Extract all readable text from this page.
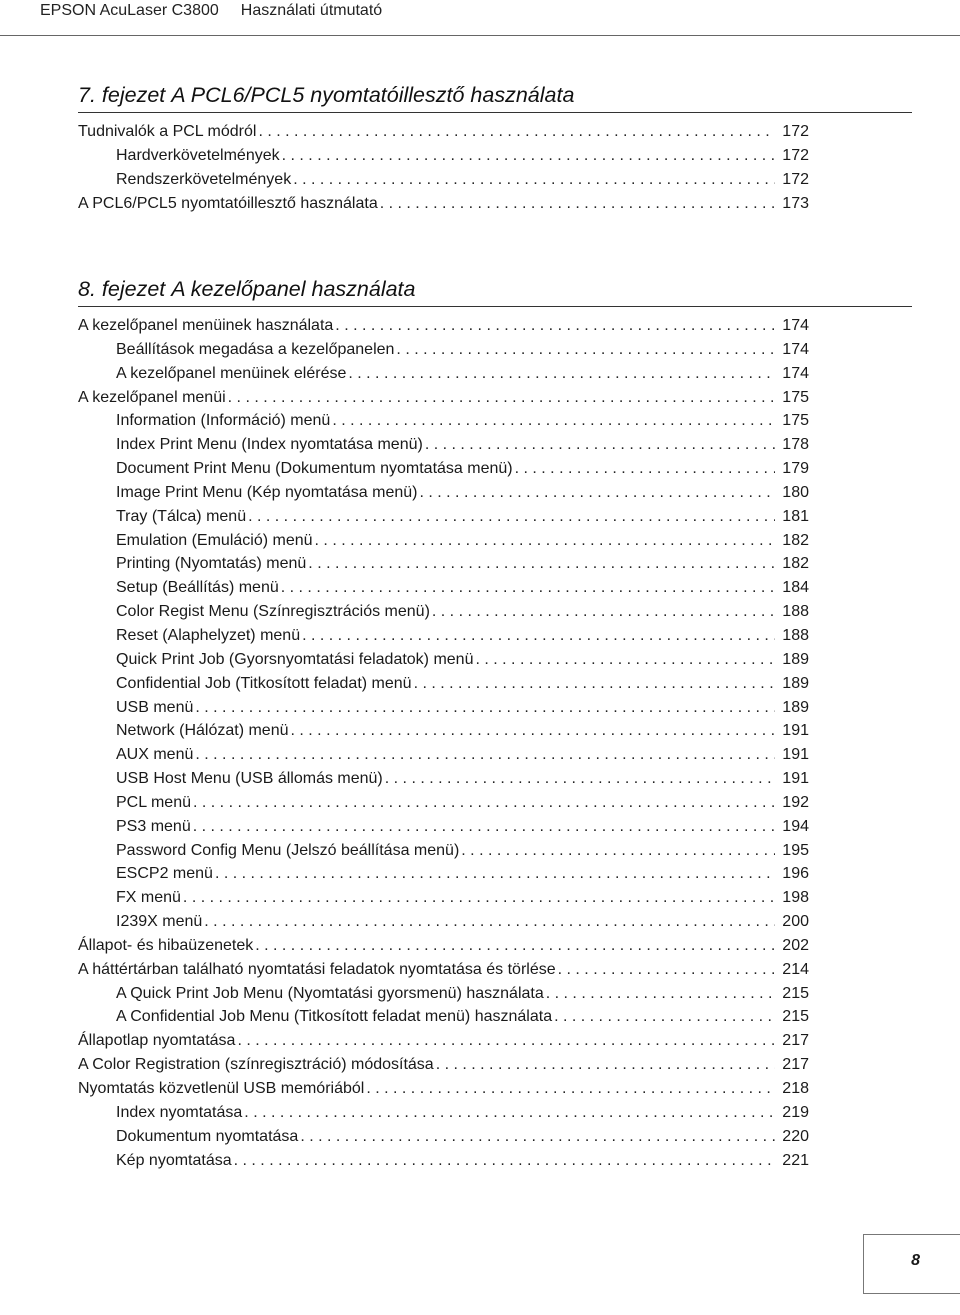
EPSON AcuLaser C3800 Használati útmutató
7. fejezet A PCL6/PCL5 nyomtatóillesztő használata
Tudnivalók a PCL módról . . .	172
Hardverkövetelmények . . .	172
Rendszerkövetelmények . . .	172
A PCL6/PCL5 nyomtatóillesztő használata . . .	173
8. fejezet A kezelőpanel használata
A kezelőpanel menüinek használata . . .	174
Beállítások megadása a kezelőpanelen . . .	174
A kezelőpanel menüinek elérése . . .	174
A kezelőpanel menüi . . .	175
Information (Információ) menü . . .	175
Index Print Menu (Index nyomtatása menü) . . .	178
Document Print Menu (Dokumentum nyomtatása menü) . . .	179
Image Print Menu (Kép nyomtatása menü) . . .	180
Tray (Tálca) menü . . .	181
Emulation (Emuláció) menü . . .	182
Printing (Nyomtatás) menü . . .	182
Setup (Beállítás) menü . . .	184
Color Regist Menu (Színregisztrációs menü) . . .	188
Reset (Alaphelyzet) menü . . .	188
Quick Print Job (Gyorsnyomtatási feladatok) menü . . .	189
Confidential Job (Titkosított feladat) menü . . .	189
USB menü . . .	189
Network (Hálózat) menü . . .	191
AUX menü . . .	191
USB Host Menu (USB állomás menü) . . .	191
PCL menü . . .	192
PS3 menü . . .	194
Password Config Menu (Jelszó beállítása menü) . . .	195
ESCP2 menü . . .	196
FX menü . . .	198
I239X menü . . .	200
Állapot- és hibaüzenetek . . .	202
A háttértárban található nyomtatási feladatok nyomtatása és törlése . . .	214
A Quick Print Job Menu (Nyomtatási gyorsmenü) használata . . .	215
A Confidential Job Menu (Titkosított feladat menü) használata . . .	215
Állapotlap nyomtatása . . .	217
A Color Registration (színregisztráció) módosítása . . .	217
Nyomtatás közvetlenül USB memóriából . . .	218
Index nyomtatása . . .	219
Dokumentum nyomtatása . . .	220
Kép nyomtatása . . .	221
8
